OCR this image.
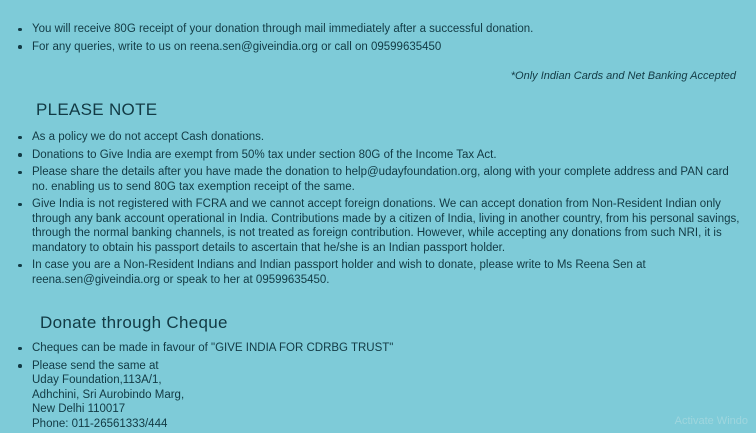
You will receive 80G receipt of your donation through mail immediately after a successful donation.
For any queries, write to us on reena.sen@giveindia.org or call on 09599635450
*Only Indian Cards and Net Banking Accepted
PLEASE NOTE
As a policy we do not accept Cash donations.
Donations to Give India are exempt from 50% tax under section 80G of the Income Tax Act.
Please share the details after you have made the donation to help@udayfoundation.org, along with your complete address and PAN card no. enabling us to send 80G tax exemption receipt of the same.
Give India is not registered with FCRA and we cannot accept foreign donations. We can accept donation from Non-Resident Indian only through any bank account operational in India. Contributions made by a citizen of India, living in another country, from his personal savings, through the normal banking channels, is not treated as foreign contribution. However, while accepting any donations from such NRI, it is mandatory to obtain his passport details to ascertain that he/she is an Indian passport holder.
In case you are a Non-Resident Indians and Indian passport holder and wish to donate, please write to Ms Reena Sen at reena.sen@giveindia.org or speak to her at 09599635450.
Donate through Cheque
Cheques can be made in favour of "GIVE INDIA FOR CDRBG TRUST"
Please send the same at
Uday Foundation,113A/1,
Adhchini, Sri Aurobindo Marg,
New Delhi 110017
Phone: 011-26561333/444	Activate Windo
